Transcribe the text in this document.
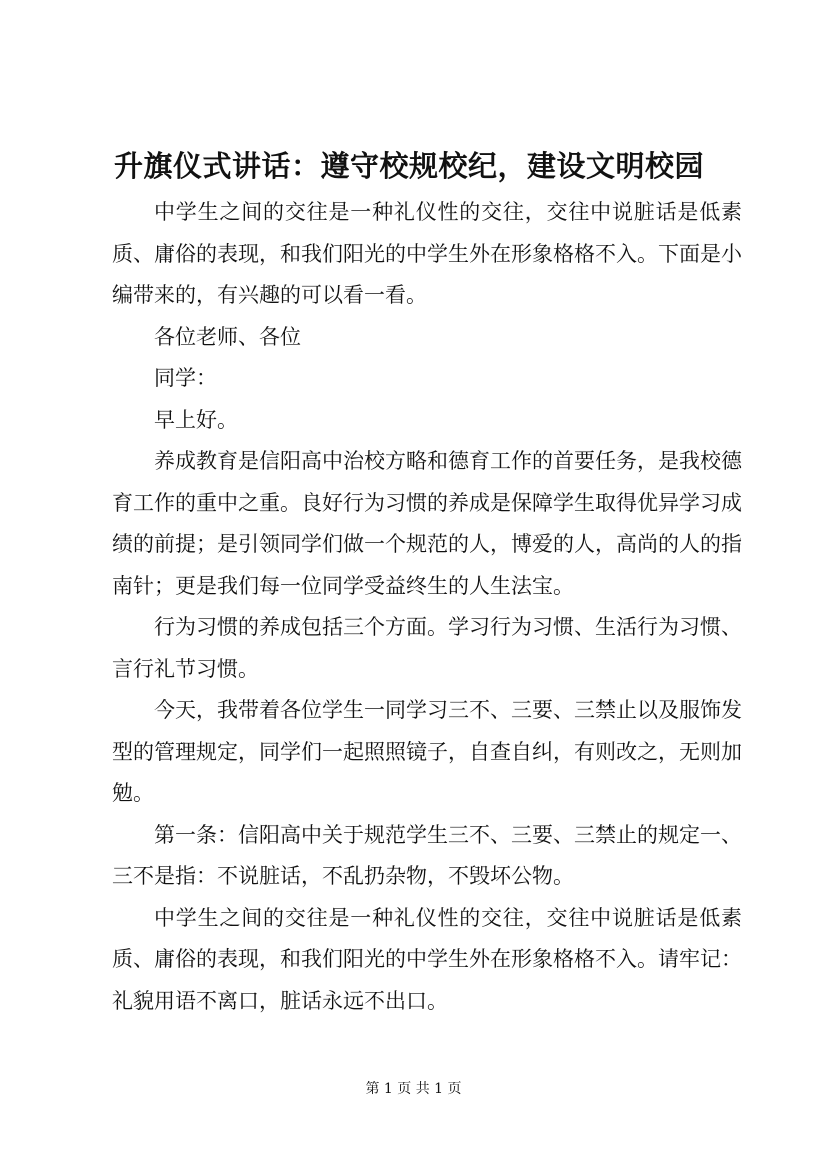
升旗仪式讲话：遵守校规校纪，建设文明校园

中学生之间的交往是一种礼仪性的交往，交往中说脏话是低素质、庸俗的表现，和我们阳光的中学生外在形象格格不入。下面是小编带来的，有兴趣的可以看一看。

各位老师、各位

同学：

早上好。

养成教育是信阳高中治校方略和德育工作的首要任务，是我校德育工作的重中之重。良好行为习惯的养成是保障学生取得优异学习成绩的前提；是引领同学们做一个规范的人，博爱的人，高尚的人的指南针；更是我们每一位同学受益终生的人生法宝。

行为习惯的养成包括三个方面。学习行为习惯、生活行为习惯、言行礼节习惯。

今天，我带着各位学生一同学习三不、三要、三禁止以及服饰发型的管理规定，同学们一起照照镜子，自查自纠，有则改之，无则加勉。

第一条：信阳高中关于规范学生三不、三要、三禁止的规定一、三不是指：不说脏话，不乱扔杂物，不毁坏公物。

中学生之间的交往是一种礼仪性的交往，交往中说脏话是低素质、庸俗的表现，和我们阳光的中学生外在形象格格不入。请牢记：礼貌用语不离口，脏话永远不出口。

第 1 页 共 1 页
